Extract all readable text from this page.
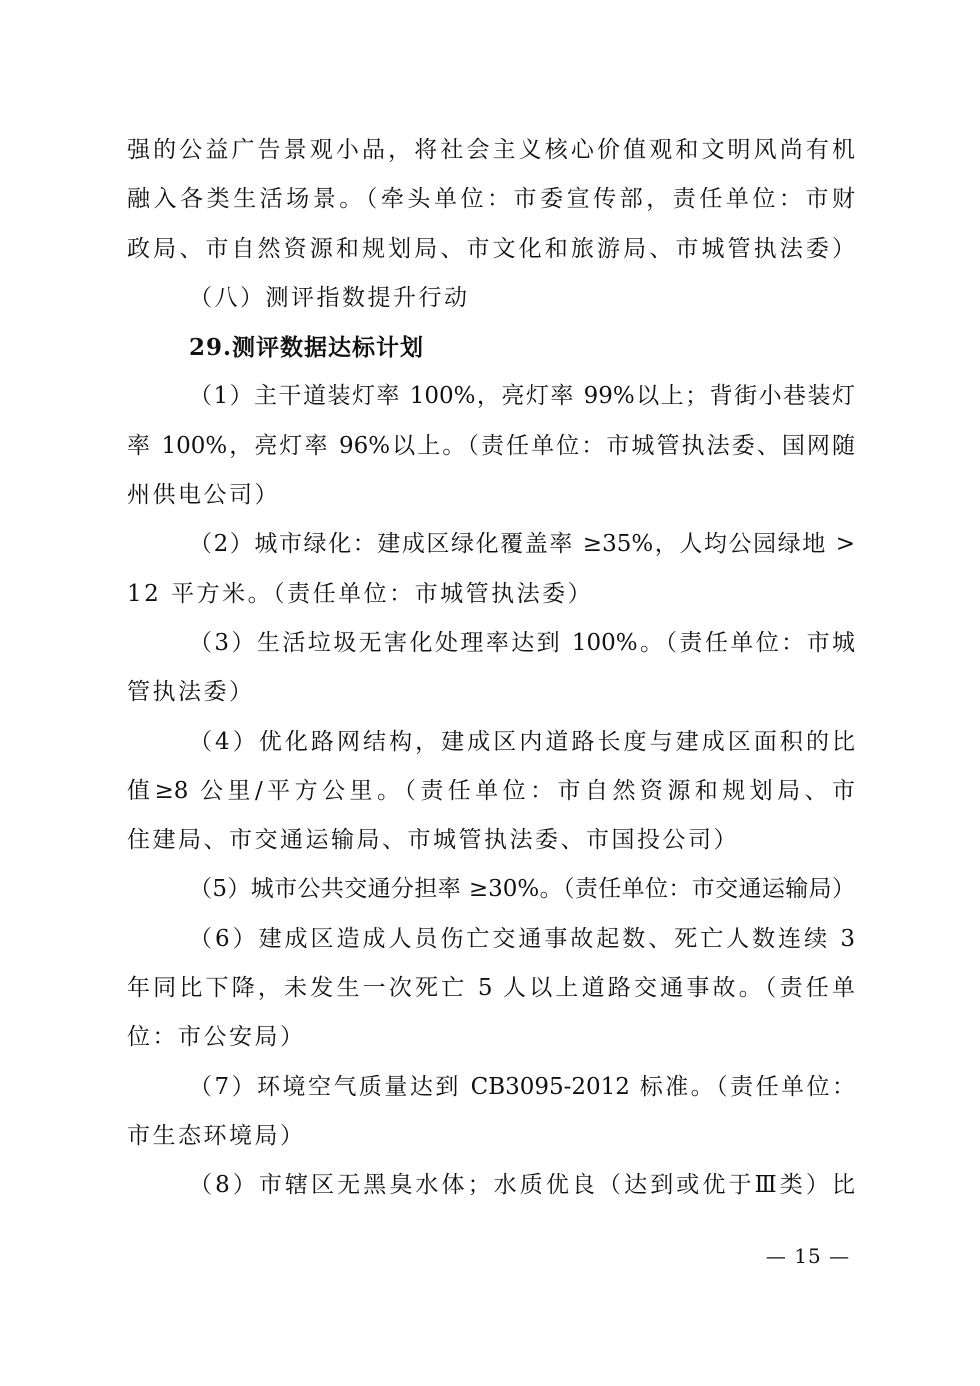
强的公益广告景观小品，将社会主义核心价值观和文明风尚有机
融入各类生活场景。（牵头单位：市委宣传部，责任单位：市财
政局、市自然资源和规划局、市文化和旅游局、市城管执法委）
（八）测评指数提升行动
29.测评数据达标计划
（1）主干道装灯率 100%，亮灯率 99%以上；背街小巷装灯
率 100%，亮灯率 96%以上。（责任单位：市城管执法委、国网随
州供电公司）
（2）城市绿化：建成区绿化覆盖率 ≥35%，人均公园绿地 >
12 平方米。（责任单位：市城管执法委）
（3）生活垃圾无害化处理率达到 100%。（责任单位：市城
管执法委）
（4）优化路网结构，建成区内道路长度与建成区面积的比
值≥8 公里/平方公里。（责任单位：市自然资源和规划局、市
住建局、市交通运输局、市城管执法委、市国投公司）
（5）城市公共交通分担率 ≥30%。（责任单位：市交通运输局）
（6）建成区造成人员伤亡交通事故起数、死亡人数连续 3
年同比下降，未发生一次死亡 5 人以上道路交通事故。（责任单
位：市公安局）
（7）环境空气质量达到 CB3095-2012 标准。（责任单位：
市生态环境局）
（8）市辖区无黑臭水体；水质优良（达到或优于Ⅲ类）比
— 15 —
